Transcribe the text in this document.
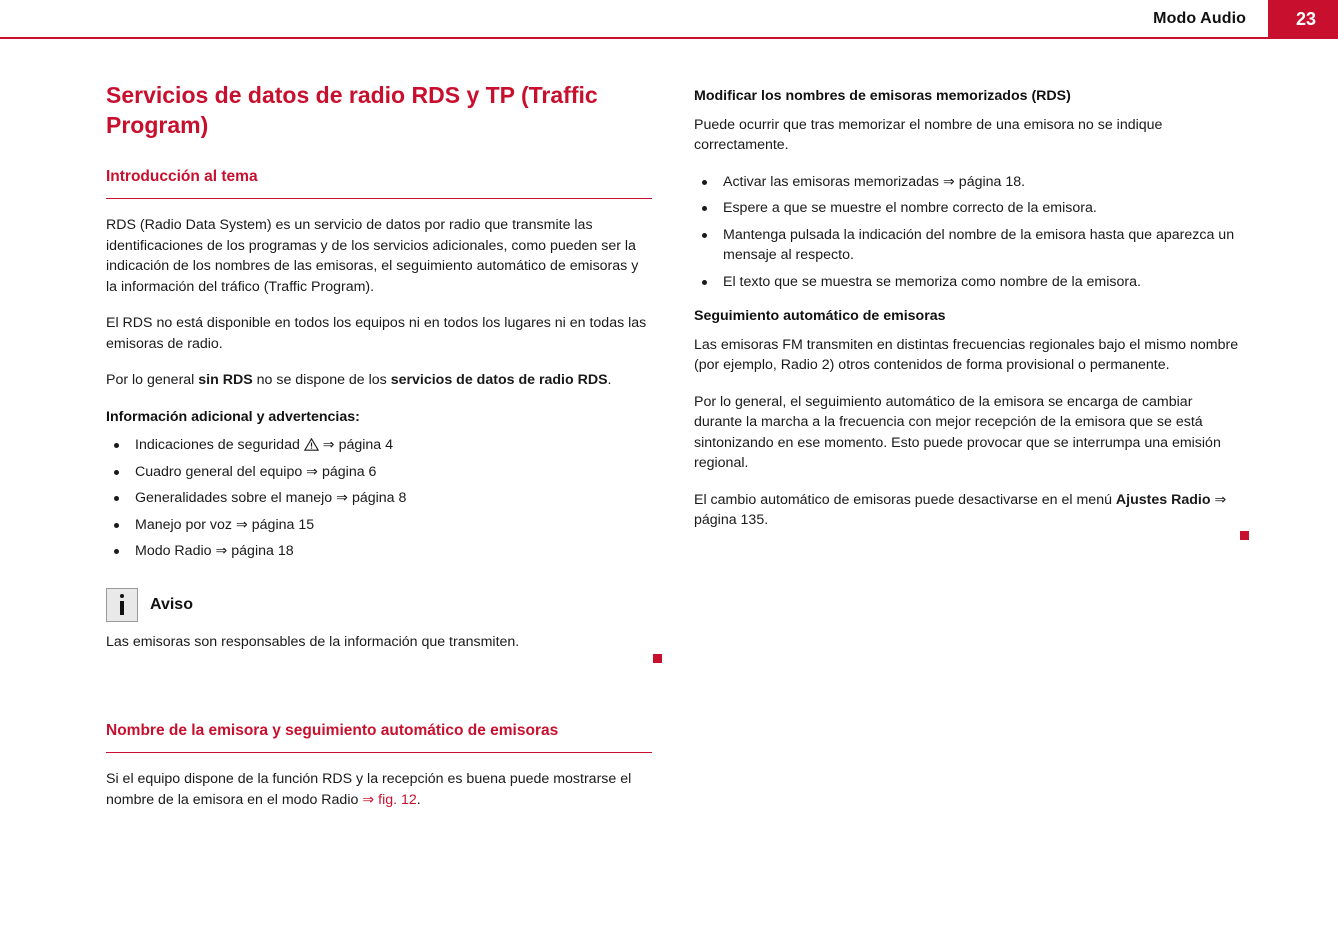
Modo Audio	23
Servicios de datos de radio RDS y TP (Traffic Program)
Introducción al tema

RDS (Radio Data System) es un servicio de datos por radio que transmite las identificaciones de los programas y de los servicios adicionales, como pueden ser la indicación de los nombres de las emisoras, el seguimiento automático de emisoras y la información del tráfico (Traffic Program).

El RDS no está disponible en todos los equipos ni en todos los lugares ni en todas las emisoras de radio.

Por lo general sin RDS no se dispone de los servicios de datos de radio RDS.

Información adicional y advertencias:
Indicaciones de seguridad ⇒ página 4
Cuadro general del equipo ⇒ página 6
Generalidades sobre el manejo ⇒ página 8
Manejo por voz ⇒ página 15
Modo Radio ⇒ página 18
Aviso

Las emisoras son responsables de la información que transmiten.

Nombre de la emisora y seguimiento automático de emisoras

Si el equipo dispone de la función RDS y la recepción es buena puede mostrarse el nombre de la emisora en el modo Radio ⇒ fig. 12.

Modificar los nombres de emisoras memorizados (RDS)

Puede ocurrir que tras memorizar el nombre de una emisora no se indique correctamente.

Activar las emisoras memorizadas ⇒ página 18.
Espere a que se muestre el nombre correcto de la emisora.
Mantenga pulsada la indicación del nombre de la emisora hasta que aparezca un mensaje al respecto.
El texto que se muestra se memoriza como nombre de la emisora.
Seguimiento automático de emisoras

Las emisoras FM transmiten en distintas frecuencias regionales bajo el mismo nombre (por ejemplo, Radio 2) otros contenidos de forma provisional o permanente.

Por lo general, el seguimiento automático de la emisora se encarga de cambiar durante la marcha a la frecuencia con mejor recepción de la emisora que se está sintonizando en ese momento. Esto puede provocar que se interrumpa una emisión regional.

El cambio automático de emisoras puede desactivarse en el menú Ajustes Radio ⇒ página 135.
